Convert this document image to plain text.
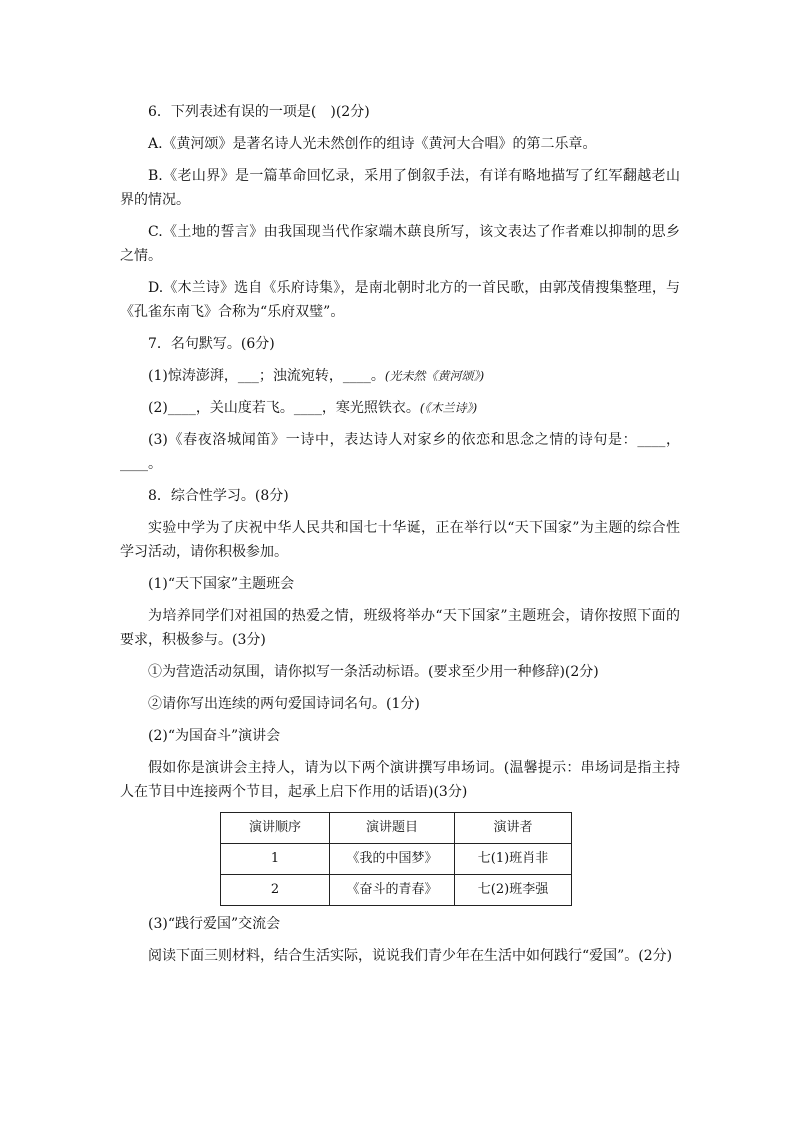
6．下列表述有误的一项是(　)(2分)

A.《黄河颂》是著名诗人光未然创作的组诗《黄河大合唱》的第二乐章。

B.《老山界》是一篇革命回忆录，采用了倒叙手法，有详有略地描写了红军翻越老山界的情况。

C.《土地的誓言》由我国现当代作家端木蕻良所写，该文表达了作者难以抑制的思乡之情。

D.《木兰诗》选自《乐府诗集》，是南北朝时北方的一首民歌，由郭茂倩搜集整理，与《孔雀东南飞》合称为“乐府双璧”。

7．名句默写。(6分)

(1)惊涛澎湃，___；浊流宛转，____。(光未然《黄河颂》)

(2)____，关山度若飞。____，寒光照铁衣。(《木兰诗》)

(3)《春夜洛城闻笛》一诗中，表达诗人对家乡的依恋和思念之情的诗句是：____，____。

8．综合性学习。(8分)

实验中学为了庆祝中华人民共和国七十华诞，正在举行以“天下国家”为主题的综合性学习活动，请你积极参加。

(1)“天下国家”主题班会

为培养同学们对祖国的热爱之情，班级将举办“天下国家”主题班会，请你按照下面的要求，积极参与。(3分)

①为营造活动氛围，请你拟写一条活动标语。(要求至少用一种修辞)(2分)

②请你写出连续的两句爱国诗词名句。(1分)

(2)“为国奋斗”演讲会

假如你是演讲会主持人，请为以下两个演讲撰写串场词。(温馨提示：串场词是指主持人在节目中连接两个节目，起承上启下作用的话语)(3分)

演讲顺序	演讲题目	演讲者
1	《我的中国梦》	七(1)班肖非
2	《奋斗的青春》	七(2)班李强

(3)“践行爱国”交流会

阅读下面三则材料，结合生活实际，说说我们青少年在生活中如何践行“爱国”。(2分)
